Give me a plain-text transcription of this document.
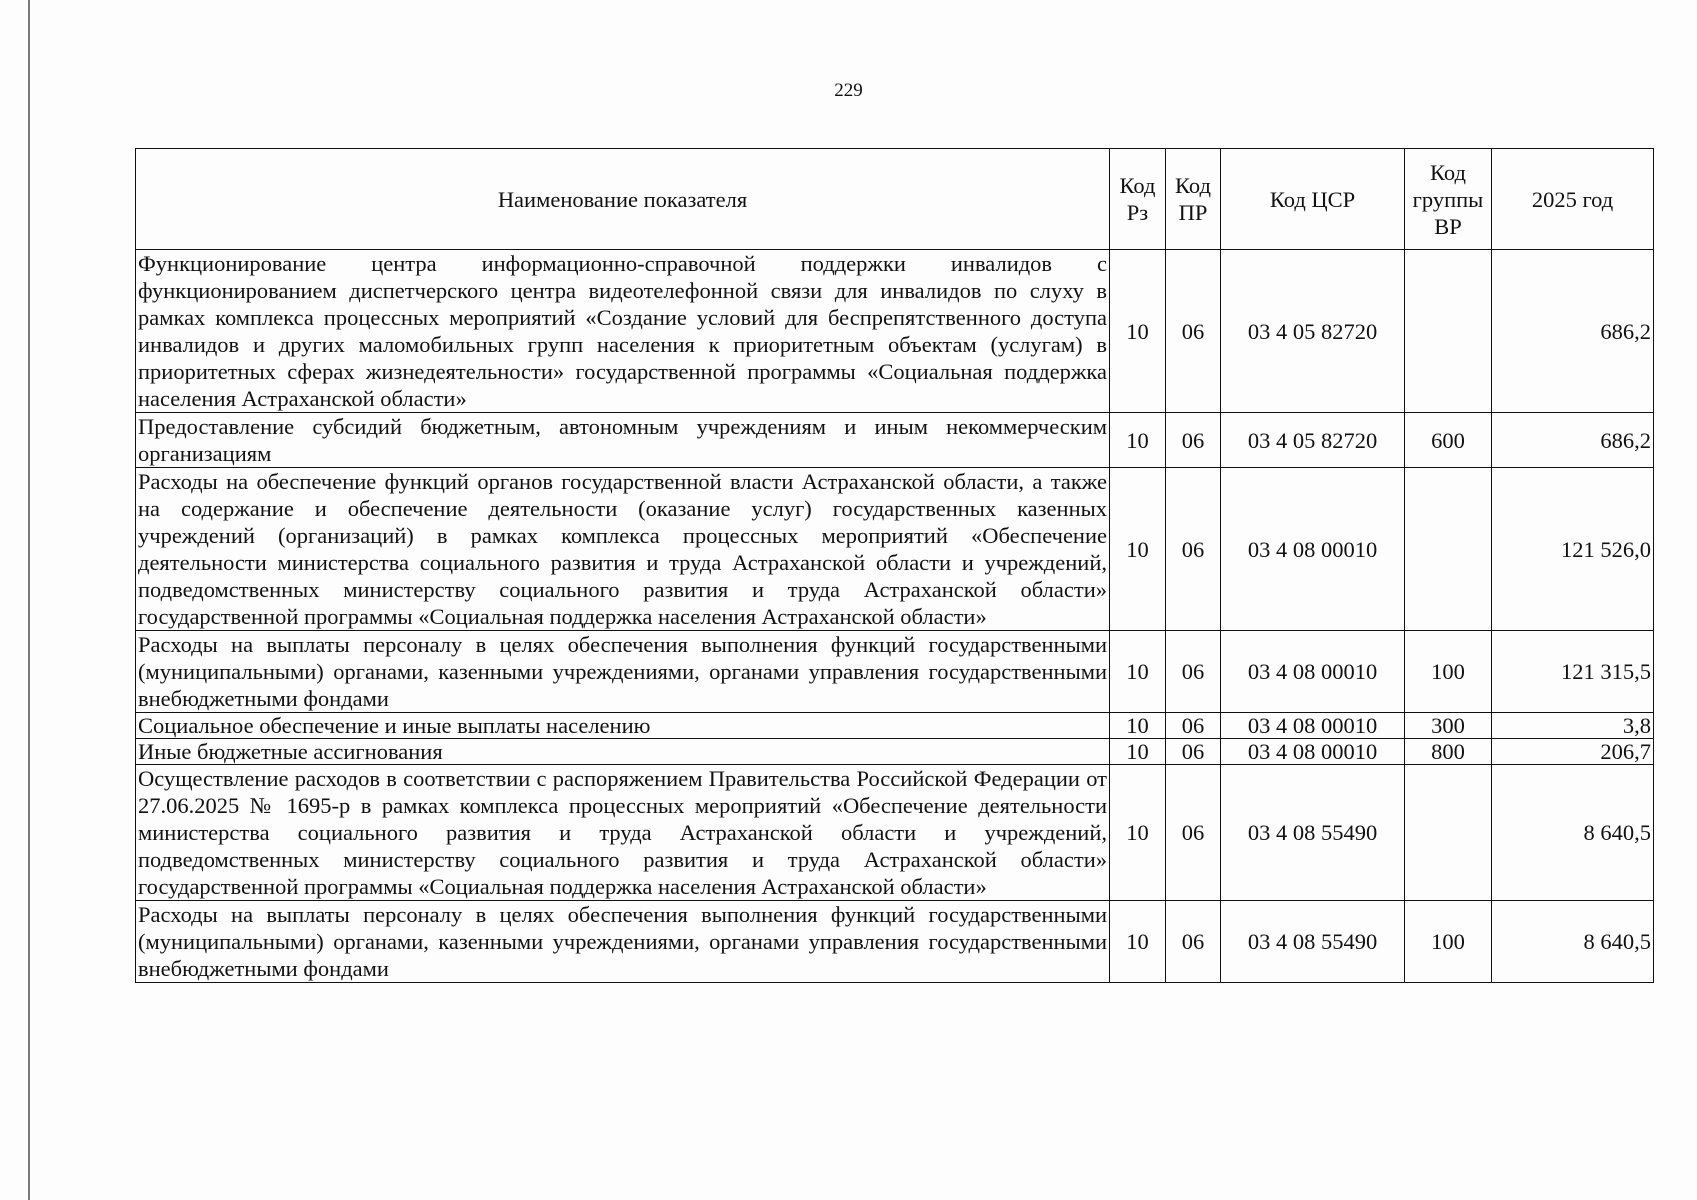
229
Наименование показателя	Код Рз	Код ПР	Код ЦСР	Код группы ВР	2025 год
Функционирование центра информационно-справочной поддержки инвалидов с функционированием диспетчерского центра видеотелефонной связи для инвалидов по слуху в рамках комплекса процессных мероприятий «Создание условий для беспрепятственного доступа инвалидов и других маломобильных групп населения к приоритетным объектам (услугам) в приоритетных сферах жизнедеятельности» государственной программы «Социальная поддержка населения Астраханской области»	10	06	03 4 05 82720		686,2
Предоставление субсидий бюджетным, автономным учреждениям и иным некоммерческим организациям	10	06	03 4 05 82720	600	686,2
Расходы на обеспечение функций органов государственной власти Астраханской области, а также на содержание и обеспечение деятельности (оказание услуг) государственных казенных учреждений (организаций) в рамках комплекса процессных мероприятий «Обеспечение деятельности министерства социального развития и труда Астраханской области и учреждений, подведомственных министерству социального развития и труда Астраханской области» государственной программы «Социальная поддержка населения Астраханской области»	10	06	03 4 08 00010		121 526,0
Расходы на выплаты персоналу в целях обеспечения выполнения функций государственными (муниципальными) органами, казенными учреждениями, органами управления государственными внебюджетными фондами	10	06	03 4 08 00010	100	121 315,5
Социальное обеспечение и иные выплаты населению	10	06	03 4 08 00010	300	3,8
Иные бюджетные ассигнования	10	06	03 4 08 00010	800	206,7
Осуществление расходов в соответствии с распоряжением Правительства Российской Федерации от 27.06.2025 № 1695-р в рамках комплекса процессных мероприятий «Обеспечение деятельности министерства социального развития и труда Астраханской области и учреждений, подведомственных министерству социального развития и труда Астраханской области» государственной программы «Социальная поддержка населения Астраханской области»	10	06	03 4 08 55490		8 640,5
Расходы на выплаты персоналу в целях обеспечения выполнения функций государственными (муниципальными) органами, казенными учреждениями, органами управления государственными внебюджетными фондами	10	06	03 4 08 55490	100	8 640,5
